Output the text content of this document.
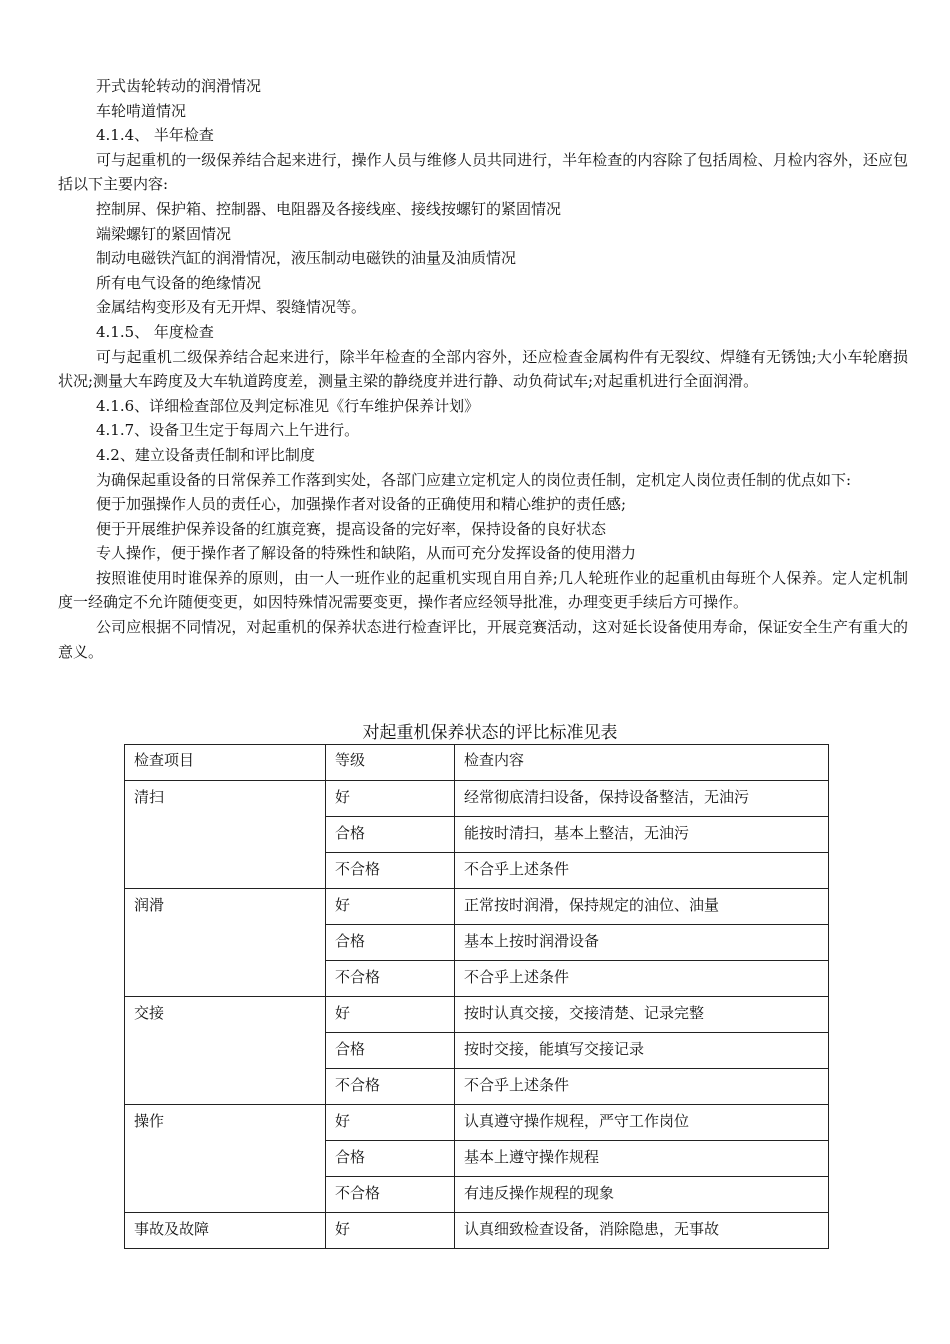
开式齿轮转动的润滑情况

车轮啃道情况

4.1.4、 半年检查

可与起重机的一级保养结合起来进行，操作人员与维修人员共同进行，半年检查的内容除了包括周检、月检内容外，还应包括以下主要内容:

控制屏、保护箱、控制器、电阻器及各接线座、接线按螺钉的紧固情况

端梁螺钉的紧固情况

制动电磁铁汽缸的润滑情况，液压制动电磁铁的油量及油质情况

所有电气设备的绝缘情况

金属结构变形及有无开焊、裂缝情况等。

4.1.5、 年度检查

可与起重机二级保养结合起来进行，除半年检查的全部内容外，还应检查金属构件有无裂纹、焊缝有无锈蚀;大小车轮磨损状况;测量大车跨度及大车轨道跨度差，测量主梁的静绕度并进行静、动负荷试车;对起重机进行全面润滑。

4.1.6、详细检查部位及判定标准见《行车维护保养计划》

4.1.7、设备卫生定于每周六上午进行。

4.2、建立设备责任制和评比制度

为确保起重设备的日常保养工作落到实处，各部门应建立定机定人的岗位责任制，定机定人岗位责任制的优点如下:

便于加强操作人员的责任心，加强操作者对设备的正确使用和精心维护的责任感;

便于开展维护保养设备的红旗竞赛，提高设备的完好率，保持设备的良好状态

专人操作，便于操作者了解设备的特殊性和缺陷，从而可充分发挥设备的使用潜力

按照谁使用时谁保养的原则，由一人一班作业的起重机实现自用自养;几人轮班作业的起重机由每班个人保养。定人定机制度一经确定不允许随便变更，如因特殊情况需要变更，操作者应经领导批准，办理变更手续后方可操作。

公司应根据不同情况，对起重机的保养状态进行检查评比，开展竞赛活动，这对延长设备使用寿命，保证安全生产有重大的意义。

对起重机保养状态的评比标准见表
检查项目	等级	检查内容
清扫	好	经常彻底清扫设备，保持设备整洁，无油污
	合格	能按时清扫，基本上整洁，无油污
	不合格	不合乎上述条件
润滑	好	正常按时润滑，保持规定的油位、油量
	合格	基本上按时润滑设备
	不合格	不合乎上述条件
交接	好	按时认真交接，交接清楚、记录完整
	合格	按时交接，能填写交接记录
	不合格	不合乎上述条件
操作	好	认真遵守操作规程，严守工作岗位
	合格	基本上遵守操作规程
	不合格	有违反操作规程的现象
事故及故障	好	认真细致检查设备，消除隐患，无事故
